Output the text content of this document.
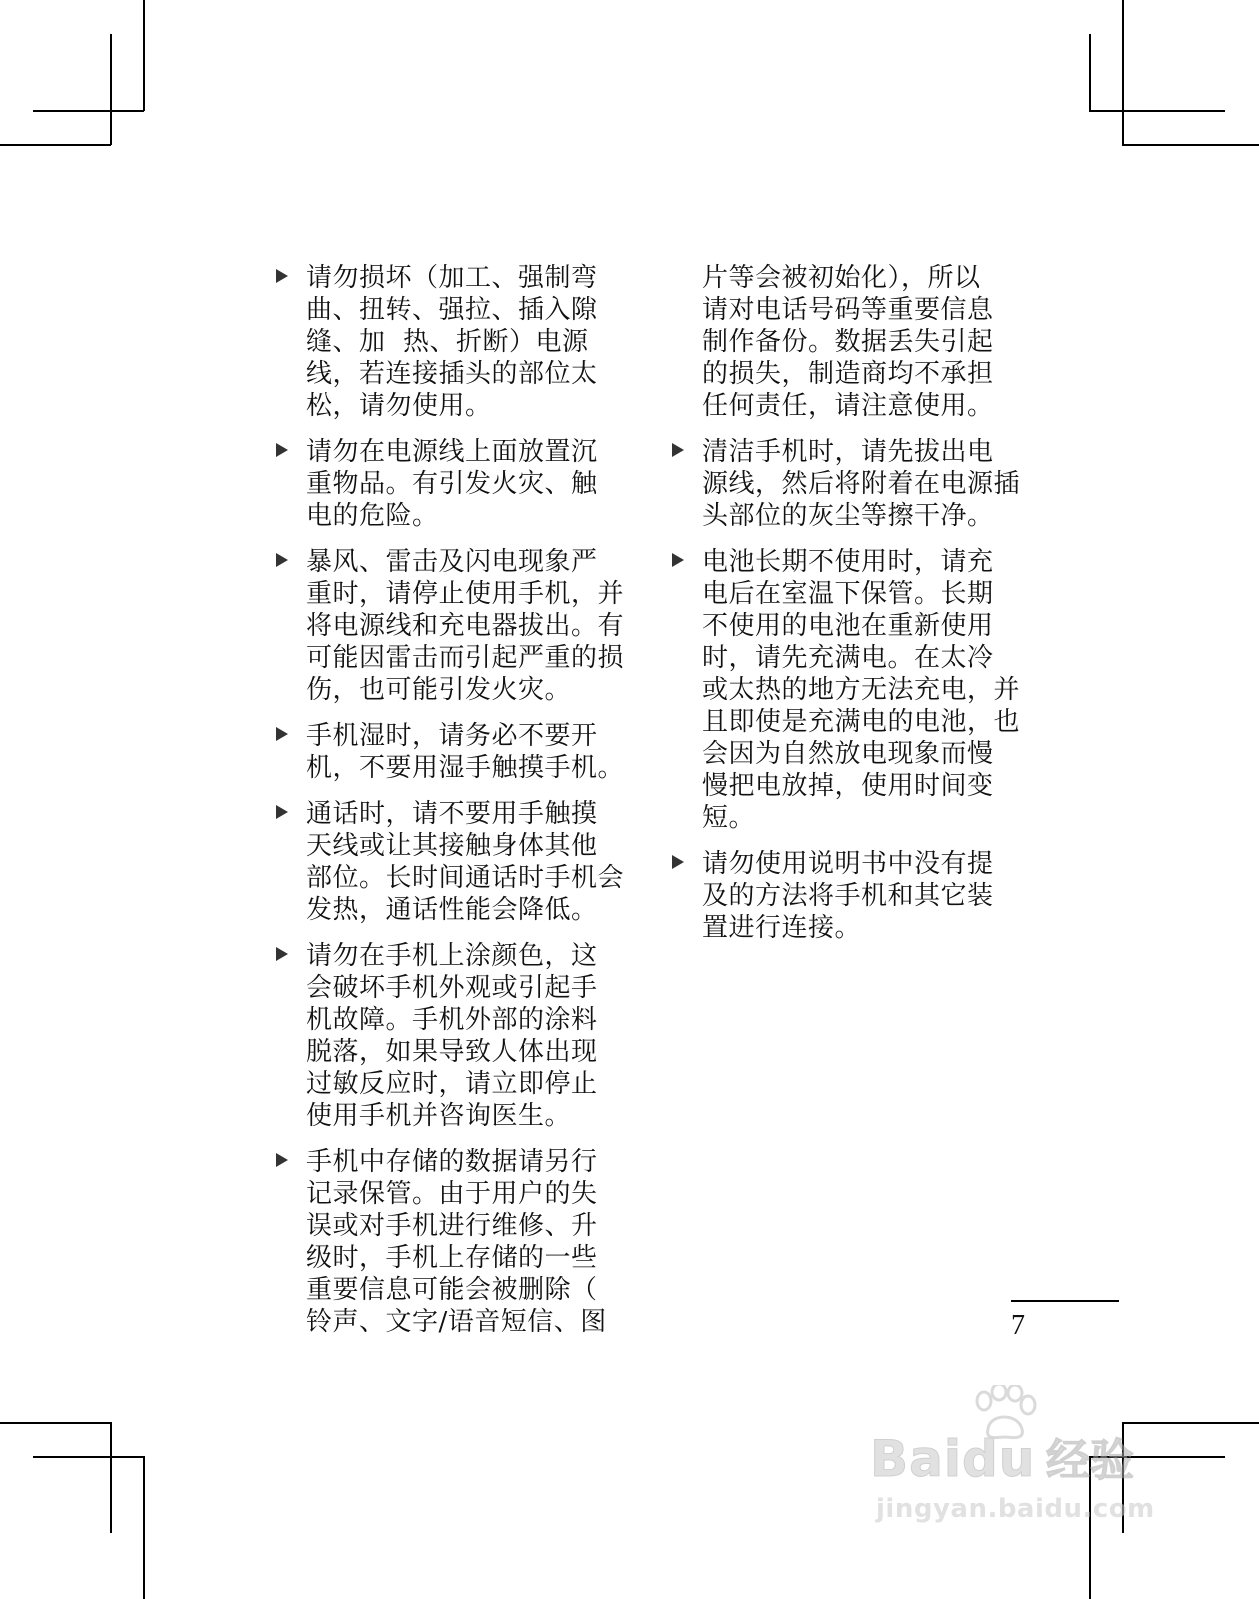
请勿损坏（加工、强制弯
曲、扭转、强拉、插入隙
缝、加  热、折断）电源
线，若连接插头的部位太
松，请勿使用。
请勿在电源线上面放置沉
重物品。有引发火灾、触
电的危险。
暴风、雷击及闪电现象严
重时，请停止使用手机，并
将电源线和充电器拔出。有
可能因雷击而引起严重的损
伤，也可能引发火灾。
手机湿时，请务必不要开
机，不要用湿手触摸手机。
通话时，请不要用手触摸
天线或让其接触身体其他
部位。长时间通话时手机会
发热，通话性能会降低。
请勿在手机上涂颜色，这
会破坏手机外观或引起手
机故障。手机外部的涂料
脱落，如果导致人体出现
过敏反应时，请立即停止
使用手机并咨询医生。
手机中存储的数据请另行
记录保管。由于用户的失
误或对手机进行维修、升
级时，手机上存储的一些
重要信息可能会被删除（
铃声、文字/语音短信、图
片等会被初始化），所以
请对电话号码等重要信息
制作备份。数据丢失引起
的损失，制造商均不承担
任何责任，请注意使用。
清洁手机时，请先拔出电
源线，然后将附着在电源插
头部位的灰尘等擦干净。
电池长期不使用时，请充
电后在室温下保管。长期
不使用的电池在重新使用
时，请先充满电。在太冷
或太热的地方无法充电，并
且即使是充满电的电池，也
会因为自然放电现象而慢
慢把电放掉，使用时间变
短。
请勿使用说明书中没有提
及的方法将手机和其它装
置进行连接。
7
Baidu 经验
jingyan.baidu.com
